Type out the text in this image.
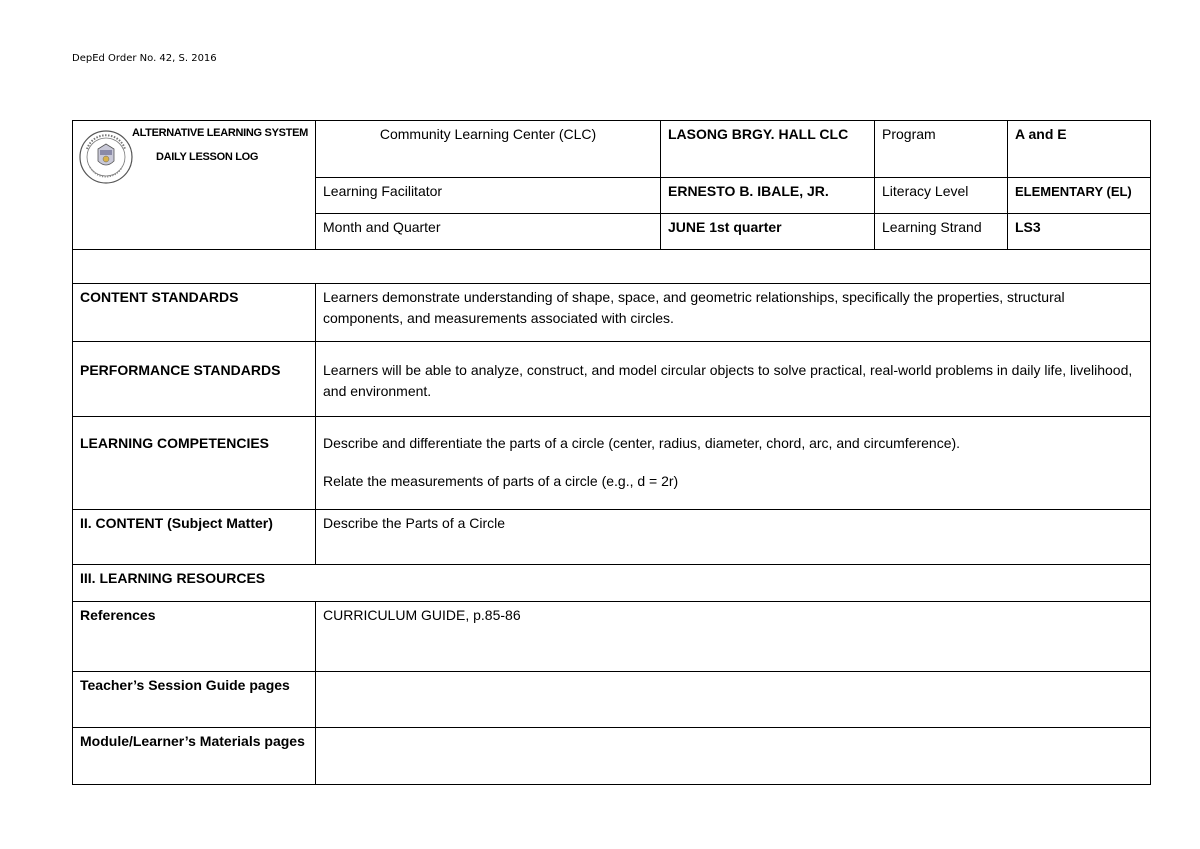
DepEd Order No. 42, S. 2016
ALTERNATIVE LEARNING SYSTEM
DAILY LESSON LOG	Community Learning Center (CLC)	LASONG BRGY. HALL CLC	Program	A and E
	Learning Facilitator	ERNESTO B. IBALE, JR.	Literacy Level	ELEMENTARY (EL)
	Month and Quarter	JUNE 1st quarter	Learning Strand	LS3

CONTENT STANDARDS	Learners demonstrate understanding of shape, space, and geometric relationships, specifically the properties, structural components, and measurements associated with circles.			
PERFORMANCE STANDARDS	Learners will be able to analyze, construct, and model circular objects to solve practical, real-world problems in daily life, livelihood, and environment.			
LEARNING COMPETENCIES	Describe and differentiate the parts of a circle (center, radius, diameter, chord, arc, and circumference).

Relate the measurements of parts of a circle (e.g., d = 2r)			

II. CONTENT (Subject Matter)	Describe the Parts of a Circle			
III. LEARNING RESOURCES				
References	CURRICULUM GUIDE, p.85-86			
Teacher’s Session Guide pages				
Module/Learner’s Materials pages				
